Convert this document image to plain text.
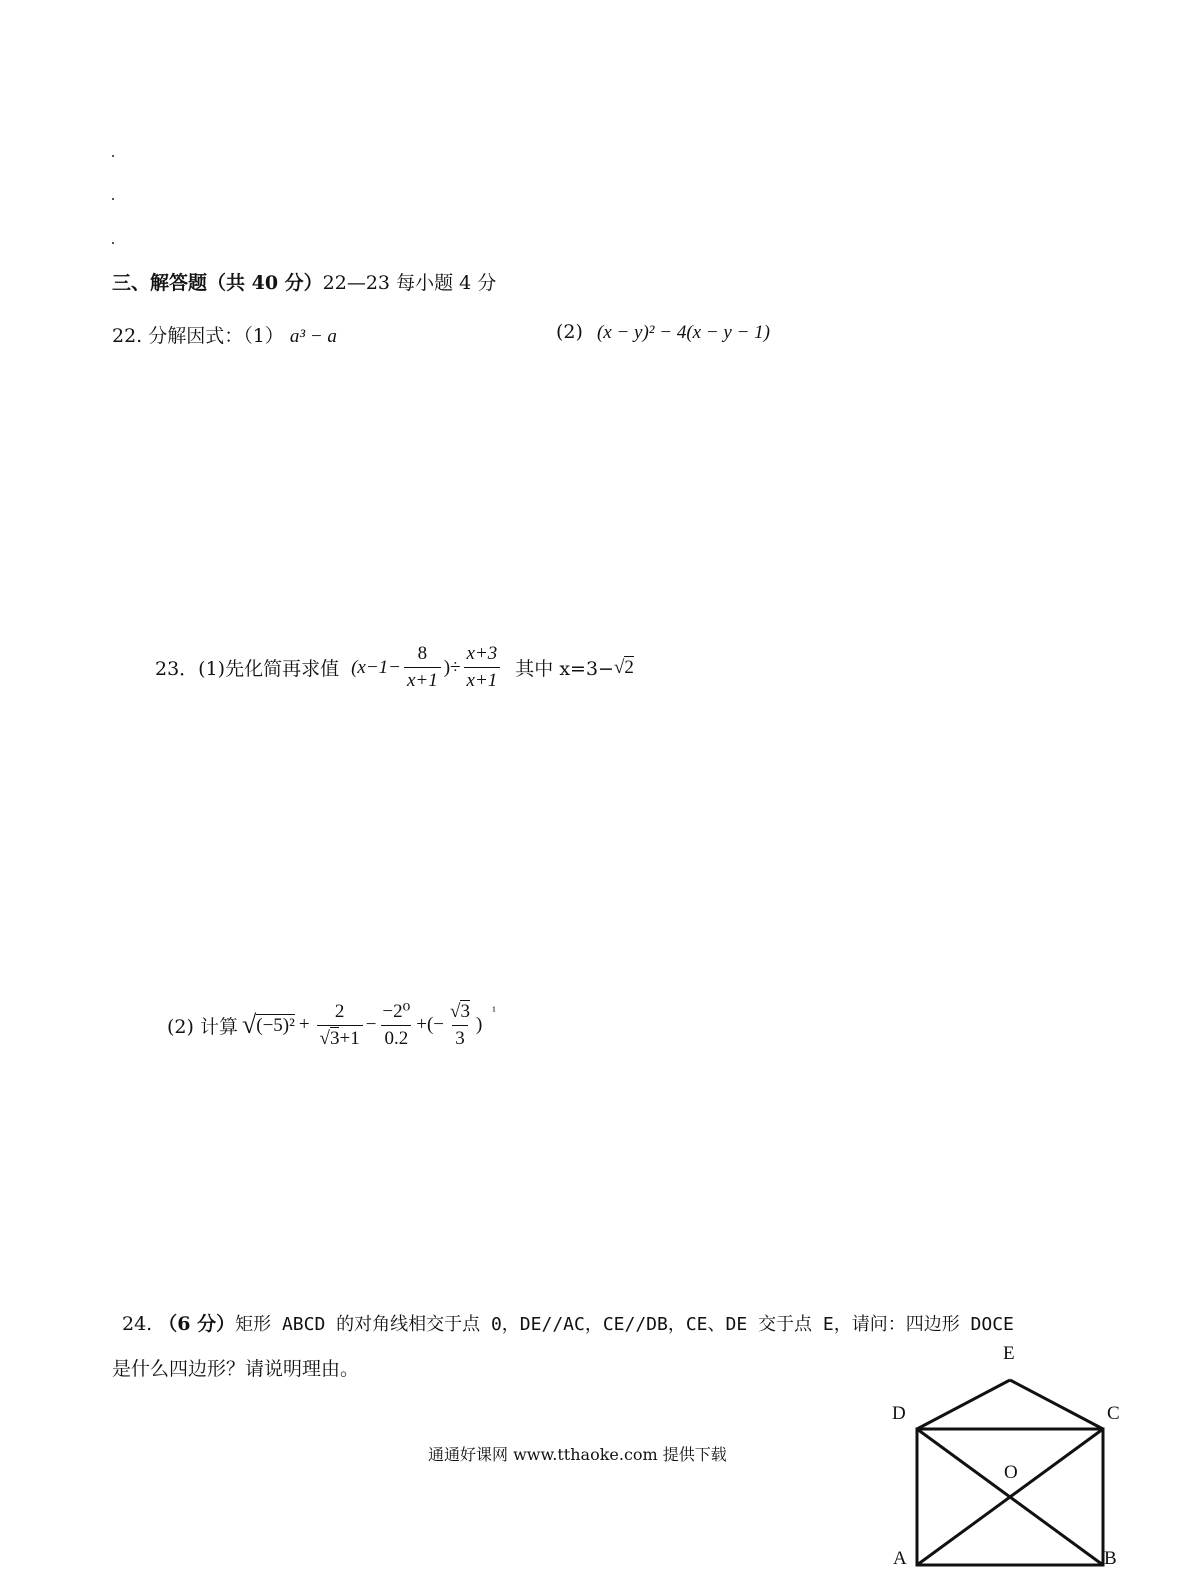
三、解答题（共 40 分）22—23 每小题 4 分
22. 分解因式：（1） a³ − a	(2) (x − y)² − 4(x − y − 1)
23．(1)先化简再求值 ($x-1- \frac{8}{x+1}$ )÷ $\frac{x+3}{x+1}$ 其中 x=3− √ 2
(2) 计算 √ $(-5)^2 + \frac{2}{√3+1} - \frac{\text{−2⁰}}{0.2}$ +(− $\frac{√3}{3}$ )
¹
24. （6 分）矩形 ABCD 的对角线相交于点 0，DE//AC，CE//DB，CE、DE 交于点 E，请问：四边形 DOCE
是什么四边形？请说明理由。
E
D	C
O
A	B
通通好课网 www.tthaoke.com 提供下载
